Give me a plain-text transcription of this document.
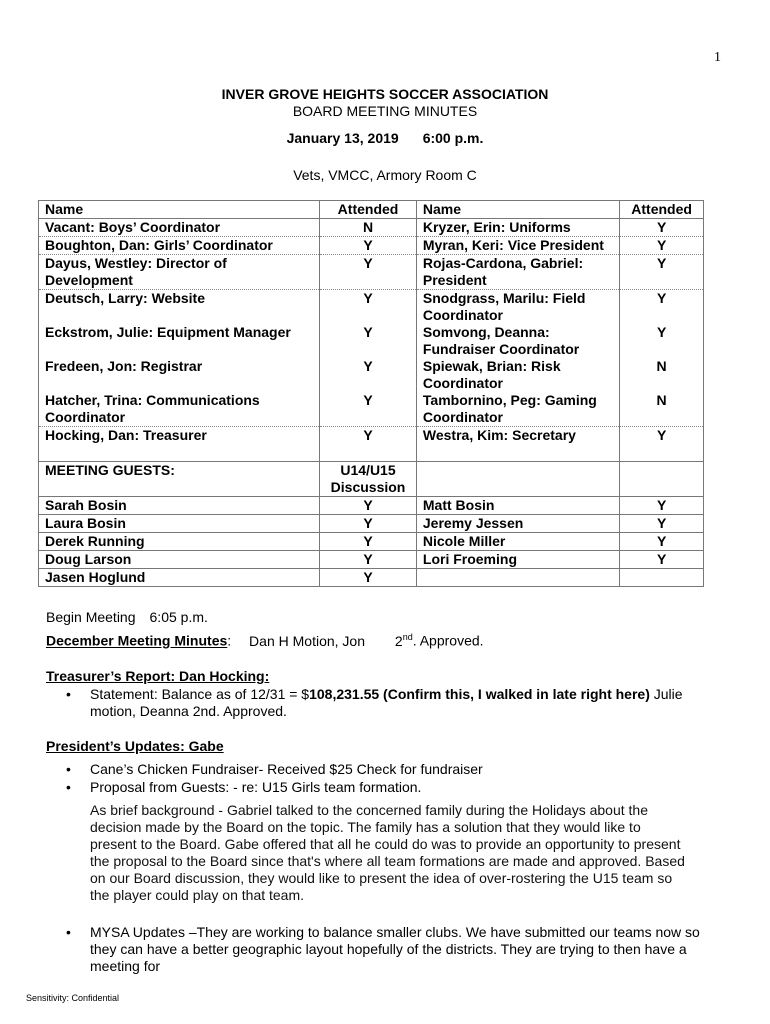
1
INVER GROVE HEIGHTS SOCCER ASSOCIATION
BOARD MEETING MINUTES
January 13, 2019 6:00 p.m.
Vets, VMCC, Armory Room C
Name	Attended	Name	Attended
Vacant: Boys’ Coordinator	N	Kryzer, Erin: Uniforms	Y
Boughton, Dan: Girls’ Coordinator	Y	Myran, Keri: Vice President	Y
Dayus, Westley: Director of Development	Y	Rojas-Cardona, Gabriel: President	Y
Deutsch, Larry: Website	Y	Snodgrass, Marilu: Field Coordinator	Y
Eckstrom, Julie: Equipment Manager	Y	Somvong, Deanna: Fundraiser Coordinator	Y
Fredeen, Jon: Registrar	Y	Spiewak, Brian: Risk Coordinator	N
Hatcher, Trina: Communications Coordinator	Y	Tambornino, Peg: Gaming Coordinator	N
Hocking, Dan: Treasurer	Y	Westra, Kim: Secretary	Y
MEETING GUESTS:	U14/U15 Discussion		
Sarah Bosin	Y	Matt Bosin	Y
Laura Bosin	Y	Jeremy Jessen	Y
Derek Running	Y	Nicole Miller	Y
Doug Larson	Y	Lori Froeming	Y
Jasen Hoglund	Y		
Begin Meeting 6:05 p.m.
December Meeting Minutes: Dan H Motion, Jon 2nd. Approved.
Treasurer’s Report: Dan Hocking:
• Statement: Balance as of 12/31 = $108,231.55 (Confirm this, I walked in late right here) Julie
motion, Deanna 2nd. Approved.
President’s Updates: Gabe
• Cane’s Chicken Fundraiser- Received $25 Check for fundraiser
• Proposal from Guests: - re: U15 Girls team formation.
As brief background - Gabriel talked to the concerned family during the Holidays about the decision made by the Board on the topic. The family has a solution that they would like to present to the Board. Gabe offered that all he could do was to provide an opportunity to present the proposal to the Board since that's where all team formations are made and approved. Based on our Board discussion, they would like to present the idea of over-rostering the U15 team so the player could play on that team.
• MYSA Updates –They are working to balance smaller clubs. We have submitted our teams now so they can have a better geographic layout hopefully of the districts. They are trying to then have a meeting for
Sensitivity: Confidential
